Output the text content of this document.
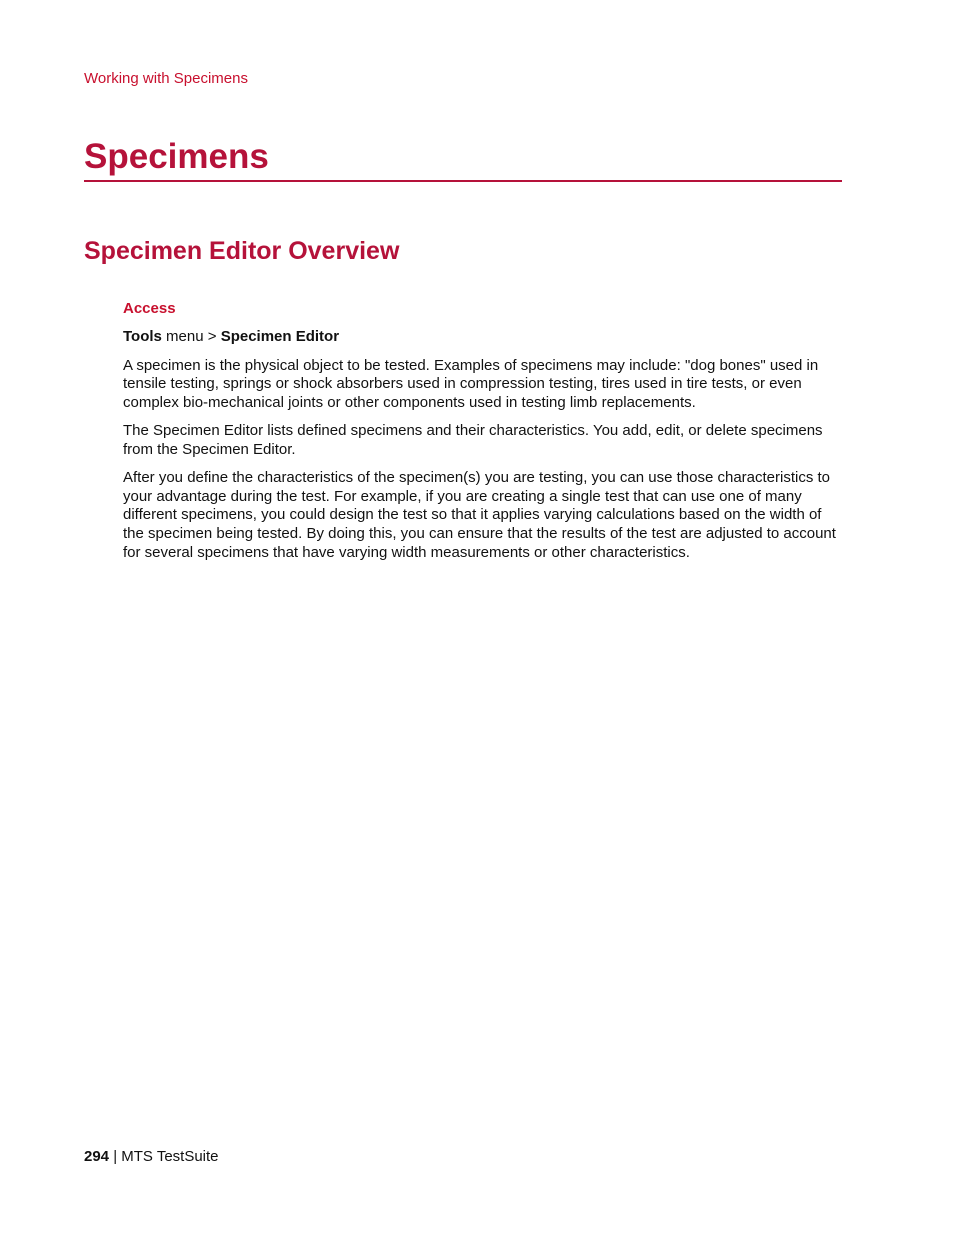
Working with Specimens
Specimens
Specimen Editor Overview
Access
Tools menu > Specimen Editor

A specimen is the physical object to be tested. Examples of specimens may include: "dog bones" used in tensile testing, springs or shock absorbers used in compression testing, tires used in tire tests, or even complex bio-mechanical joints or other components used in testing limb replacements.

The Specimen Editor lists defined specimens and their characteristics. You add, edit, or delete specimens from the Specimen Editor.

After you define the characteristics of the specimen(s) you are testing, you can use those characteristics to your advantage during the test. For example, if you are creating a single test that can use one of many different specimens, you could design the test so that it applies varying calculations based on the width of the specimen being tested. By doing this, you can ensure that the results of the test are adjusted to account for several specimens that have varying width measurements or other characteristics.

294 | MTS TestSuite
